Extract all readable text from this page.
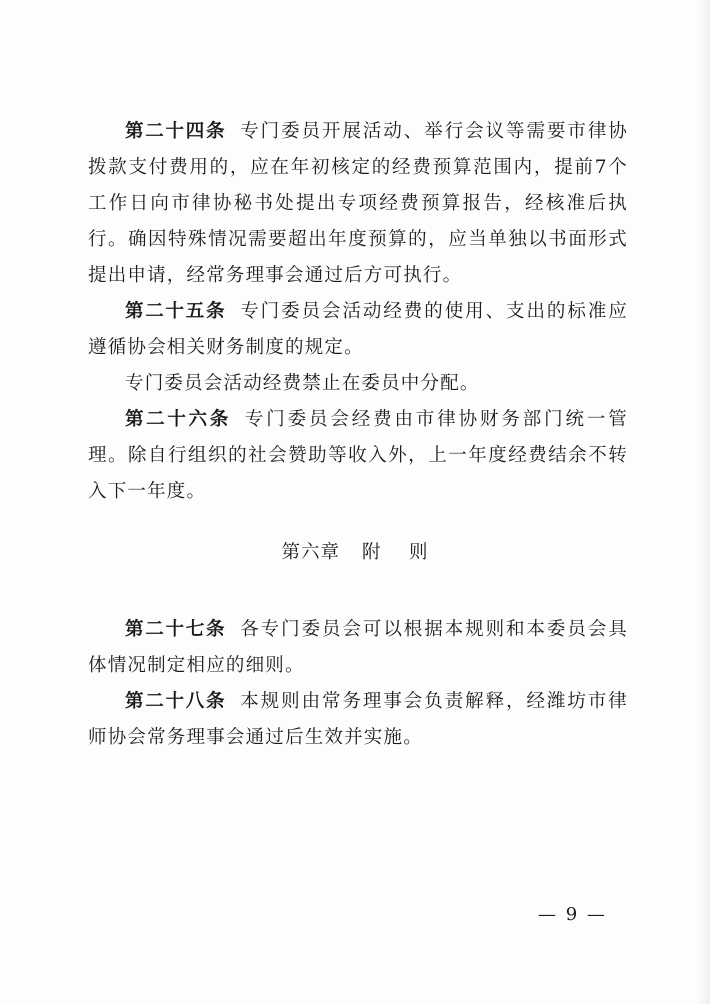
第二十四条 专门委员开展活动、举行会议等需要市律协拨款支付费用的，应在年初核定的经费预算范围内，提前7个工作日向市律协秘书处提出专项经费预算报告，经核准后执行。确因特殊情况需要超出年度预算的，应当单独以书面形式提出申请，经常务理事会通过后方可执行。

第二十五条 专门委员会活动经费的使用、支出的标准应遵循协会相关财务制度的规定。

专门委员会活动经费禁止在委员中分配。

第二十六条 专门委员会经费由市律协财务部门统一管理。除自行组织的社会赞助等收入外，上一年度经费结余不转入下一年度。

第六章 附    则

第二十七条 各专门委员会可以根据本规则和本委员会具体情况制定相应的细则。

第二十八条 本规则由常务理事会负责解释，经潍坊市律师协会常务理事会通过后生效并实施。

— 9 —
